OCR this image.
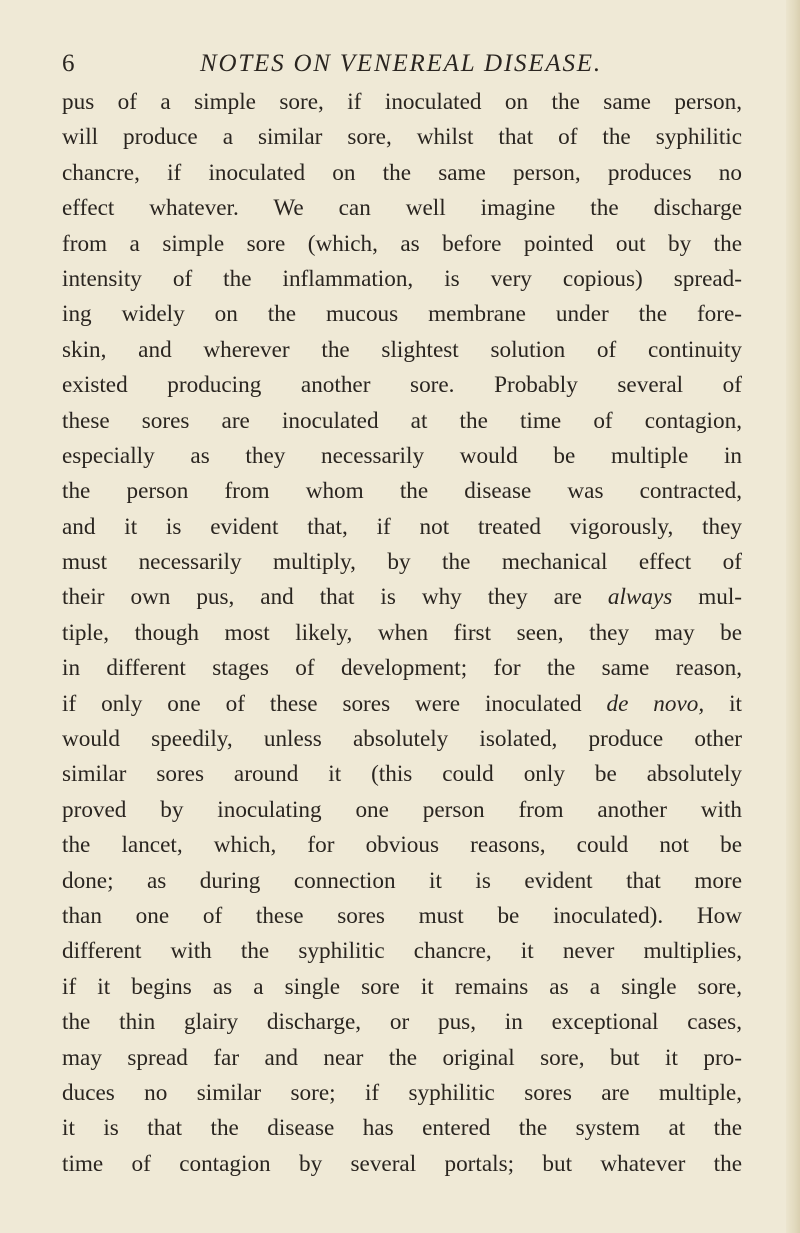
6	NOTES ON VENEREAL DISEASE.
pus of a simple sore, if inoculated on the same person,
will produce a similar sore, whilst that of the syphilitic
chancre, if inoculated on the same person, produces no
effect whatever. We can well imagine the discharge
from a simple sore (which, as before pointed out by the
intensity of the inflammation, is very copious) spread-
ing widely on the mucous membrane under the fore-
skin, and wherever the slightest solution of continuity
existed producing another sore. Probably several of
these sores are inoculated at the time of contagion,
especially as they necessarily would be multiple in
the person from whom the disease was contracted,
and it is evident that, if not treated vigorously, they
must necessarily multiply, by the mechanical effect of
their own pus, and that is why they are always mul-
tiple, though most likely, when first seen, they may be
in different stages of development; for the same reason,
if only one of these sores were inoculated de novo, it
would speedily, unless absolutely isolated, produce other
similar sores around it (this could only be absolutely
proved by inoculating one person from another with
the lancet, which, for obvious reasons, could not be
done; as during connection it is evident that more
than one of these sores must be inoculated). How
different with the syphilitic chancre, it never multiplies,
if it begins as a single sore it remains as a single sore,
the thin glairy discharge, or pus, in exceptional cases,
may spread far and near the original sore, but it pro-
duces no similar sore; if syphilitic sores are multiple,
it is that the disease has entered the system at the
time of contagion by several portals; but whatever the
